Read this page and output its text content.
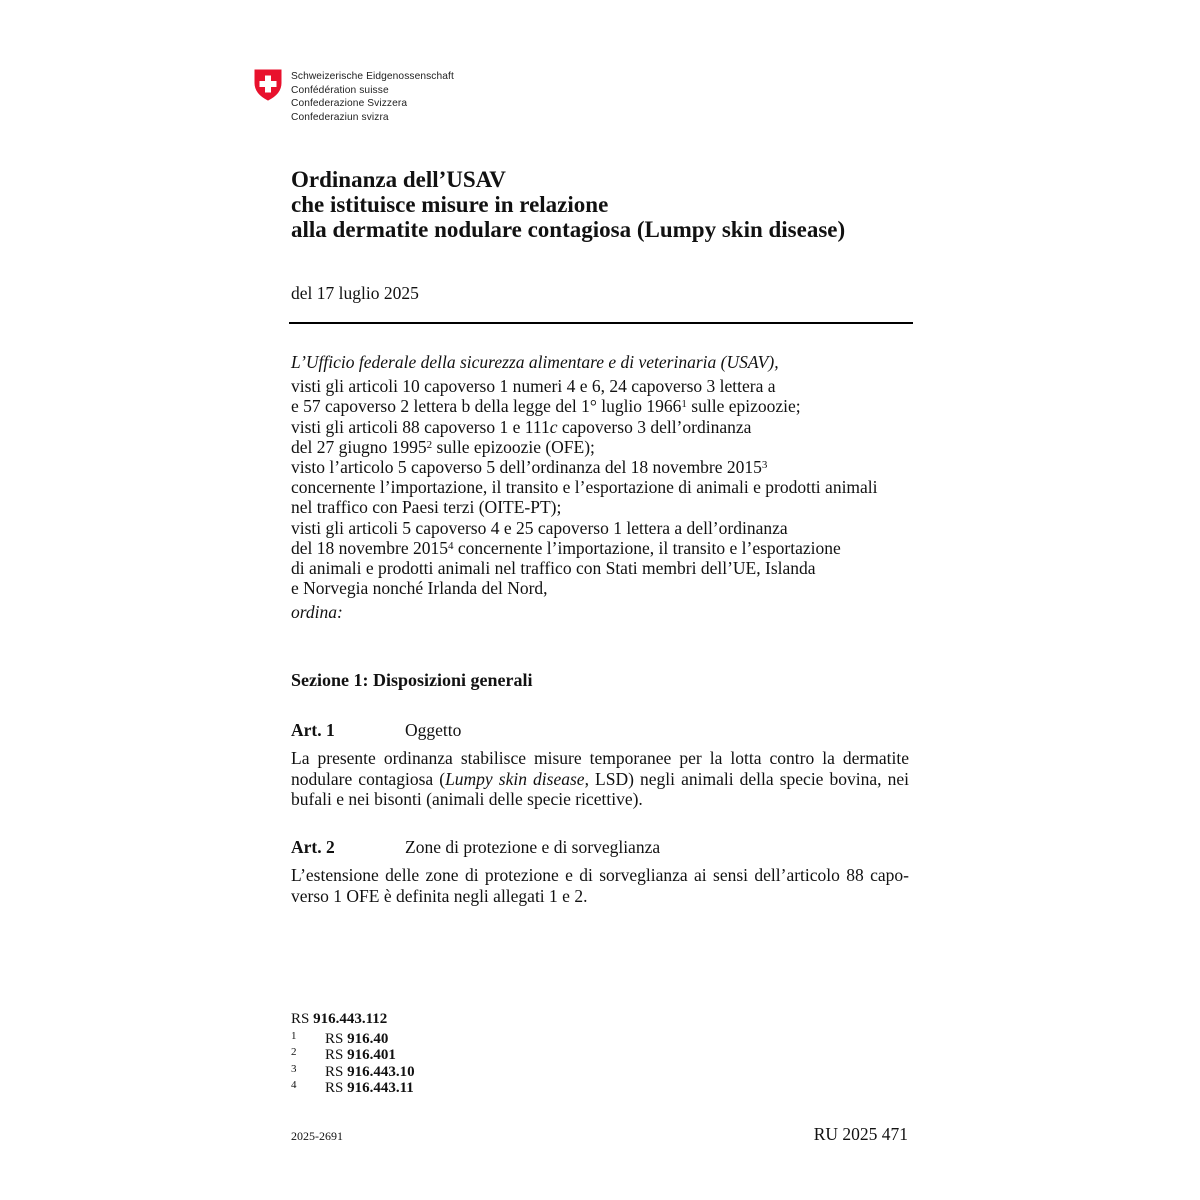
Schweizerische Eidgenossenschaft
Confédération suisse
Confederazione Svizzera
Confederaziun svizra
Ordinanza dell’USAV
che istituisce misure in relazione
alla dermatite nodulare contagiosa (Lumpy skin disease)
del 17 luglio 2025
L’Ufficio federale della sicurezza alimentare e di veterinaria (USAV),
visti gli articoli 10 capoverso 1 numeri 4 e 6, 24 capoverso 3 lettera a
e 57 capoverso 2 lettera b della legge del 1° luglio 1966$^1$ sulle epizoozie;
visti gli articoli 88 capoverso 1 e 111c capoverso 3 dell’ordinanza
del 27 giugno 1995$^2$ sulle epizoozie (OFE);
visto l’articolo 5 capoverso 5 dell’ordinanza del 18 novembre 2015$^3$
concernente l’importazione, il transito e l’esportazione di animali e prodotti animali
nel traffico con Paesi terzi (OITE-PT);
visti gli articoli 5 capoverso 4 e 25 capoverso 1 lettera a dell’ordinanza
del 18 novembre 2015$^4$ concernente l’importazione, il transito e l’esportazione
di animali e prodotti animali nel traffico con Stati membri dell’UE, Islanda
e Norvegia nonché Irlanda del Nord,
ordina:
Sezione 1: Disposizioni generali
Art. 1	Oggetto
La presente ordinanza stabilisce misure temporanee per la lotta contro la dermatite
nodulare contagiosa (Lumpy skin disease, LSD) negli animali della specie bovina, nei
bufali e nei bisonti (animali delle specie ricettive).
Art. 2	Zone di protezione e di sorveglianza
L’estensione delle zone di protezione e di sorveglianza ai sensi dell’articolo 88 capo-
verso 1 OFE è definita negli allegati 1 e 2.
RS 916.443.112
1 RS 916.40
2 RS 916.401
3 RS 916.443.10
4 RS 916.443.11
2025-2691	RU 2025 471
